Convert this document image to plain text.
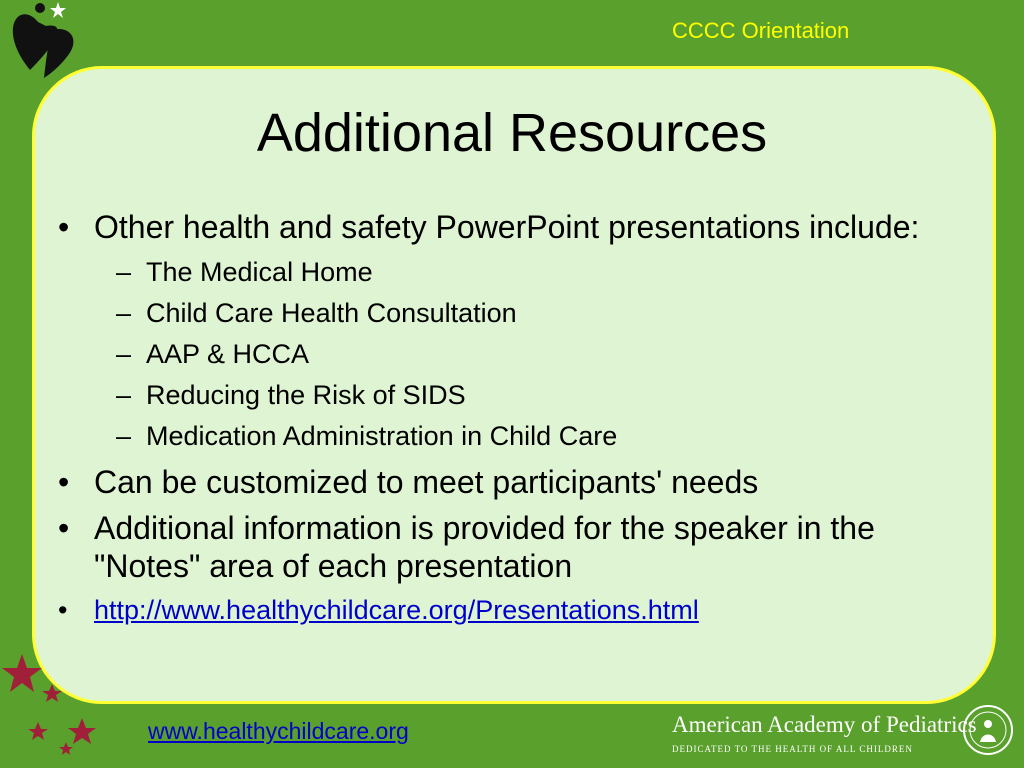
CCCC Orientation
Additional Resources
• Other health and safety PowerPoint presentations include:
– The Medical Home
– Child Care Health Consultation
– AAP & HCCA
– Reducing the Risk of SIDS
– Medication Administration in Child Care
• Can be customized to meet participants' needs
• Additional information is provided for the speaker in the "Notes" area of each presentation
• http://www.healthychildcare.org/Presentations.html
www.healthychildcare.org	American Academy of Pediatrics
DEDICATED TO THE HEALTH OF ALL CHILDREN
